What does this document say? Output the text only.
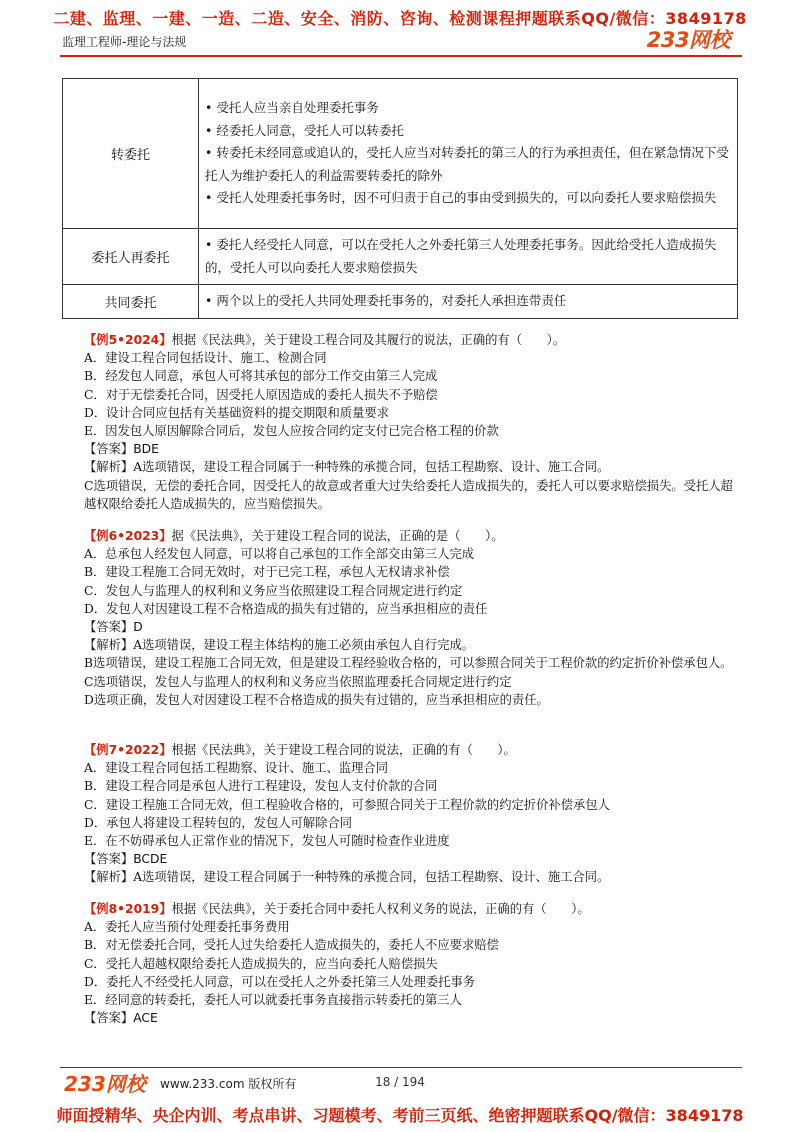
二建、监理、一建、一造、二造、安全、消防、咨询、检测课程押题联系QQ/微信：3849178
监理工程师-理论与法规	233网校
转委托	• 受托人应当亲自处理委托事务
• 经委托人同意，受托人可以转委托
• 转委托未经同意或追认的，受托人应当对转委托的第三人的行为承担责任，但在紧急情况下受托人为维护委托人的利益需要转委托的除外
• 受托人处理委托事务时，因不可归责于自己的事由受到损失的，可以向委托人要求赔偿损失

委托人再委托	• 委托人经受托人同意，可以在受托人之外委托第三人处理委托事务。因此给受托人造成损失的，受托人可以向委托人要求赔偿损失

共同委托	• 两个以上的受托人共同处理委托事务的，对委托人承担连带责任
【例5•2024】根据《民法典》，关于建设工程合同及其履行的说法，正确的有（　　）。
A．建设工程合同包括设计、施工、检测合同
B．经发包人同意，承包人可将其承包的部分工作交由第三人完成
C．对于无偿委托合同，因受托人原因造成的委托人损失不予赔偿
D．设计合同应包括有关基础资料的提交期限和质量要求
E．因发包人原因解除合同后，发包人应按合同约定支付已完合格工程的价款
【答案】BDE
【解析】A选项错误，建设工程合同属于一种特殊的承揽合同，包括工程勘察、设计、施工合同。
C选项错误，无偿的委托合同，因受托人的故意或者重大过失给委托人造成损失的，委托人可以要求赔偿损失。受托人超越权限给委托人造成损失的，应当赔偿损失。
【例6•2023】据《民法典》，关于建设工程合同的说法，正确的是（　　）。
A．总承包人经发包人同意，可以将自己承包的工作全部交由第三人完成
B．建设工程施工合同无效时，对于已完工程，承包人无权请求补偿
C．发包人与监理人的权利和义务应当依照建设工程合同规定进行约定
D．发包人对因建设工程不合格造成的损失有过错的，应当承担相应的责任
【答案】D
【解析】A选项错误，建设工程主体结构的施工必须由承包人自行完成。
B选项错误，建设工程施工合同无效，但是建设工程经验收合格的，可以参照合同关于工程价款的约定折价补偿承包人。
C选项错误，发包人与监理人的权利和义务应当依照监理委托合同规定进行约定
D选项正确，发包人对因建设工程不合格造成的损失有过错的，应当承担相应的责任。
【例7•2022】根据《民法典》，关于建设工程合同的说法，正确的有（　　）。
A．建设工程合同包括工程勘察、设计、施工、监理合同
B．建设工程合同是承包人进行工程建设，发包人支付价款的合同
C．建设工程施工合同无效，但工程验收合格的，可参照合同关于工程价款的约定折价补偿承包人
D．承包人将建设工程转包的，发包人可解除合同
E．在不妨碍承包人正常作业的情况下，发包人可随时检查作业进度
【答案】BCDE
【解析】A选项错误，建设工程合同属于一种特殊的承揽合同，包括工程勘察、设计、施工合同。
【例8•2019】根据《民法典》，关于委托合同中委托人权利义务的说法，正确的有（　　）。
A．委托人应当预付处理委托事务费用
B．对无偿委托合同，受托人过失给委托人造成损失的，委托人不应要求赔偿
C．受托人超越权限给委托人造成损失的，应当向委托人赔偿损失
D．委托人不经受托人同意，可以在受托人之外委托第三人处理委托事务
E．经同意的转委托，委托人可以就委托事务直接指示转委托的第三人
【答案】ACE
233网校 www.233.com 版权所有	18 / 194
师面授精华、央企内训、考点串讲、习题模考、考前三页纸、绝密押题联系QQ/微信：3849178
